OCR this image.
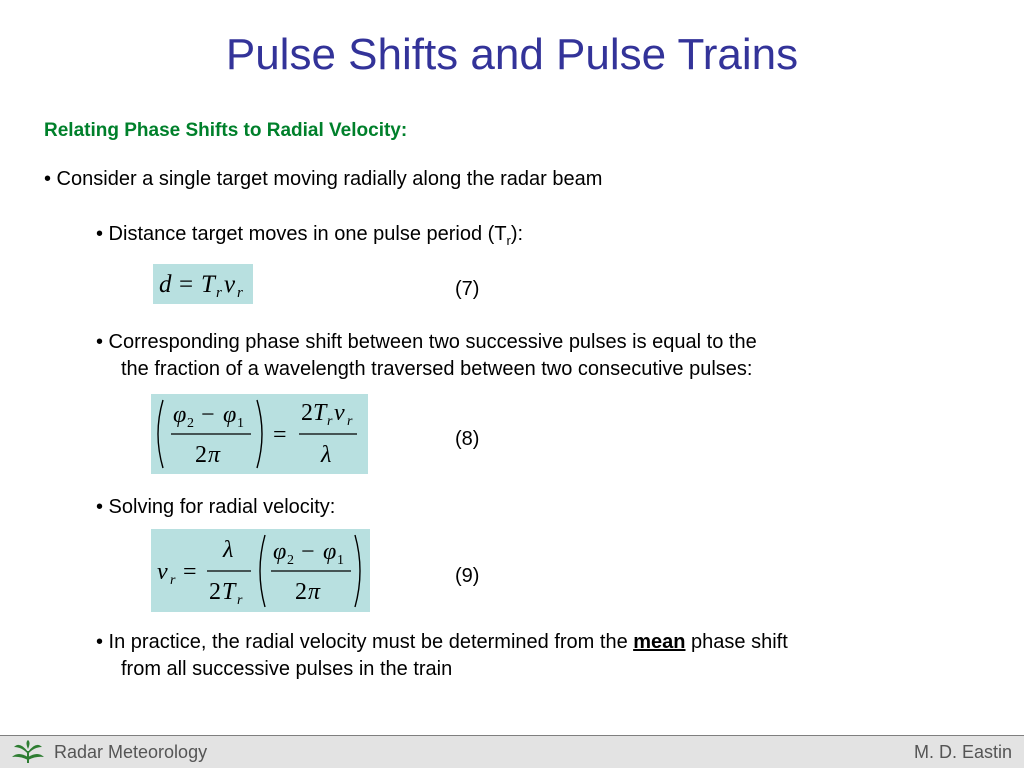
Pulse Shifts and Pulse Trains
Relating Phase Shifts to Radial Velocity:
• Consider a single target moving radially along the radar beam
• Distance target moves in one pulse period $(T_r)$:
d = T r v r	(7)
• Corresponding phase shift between two successive pulses is equal to the
the fraction of a wavelength traversed between two consecutive pulses:
φ 2 − φ 1
2 π
=
2 T r v r
λ
(8)
• Solving for radial velocity:
v r =
λ
2 T r
φ 2 − φ 1
2 π
(9)
• In practice, the radial velocity must be determined from the mean phase shift
from all successive pulses in the train
Radar Meteorology	M. D. Eastin
